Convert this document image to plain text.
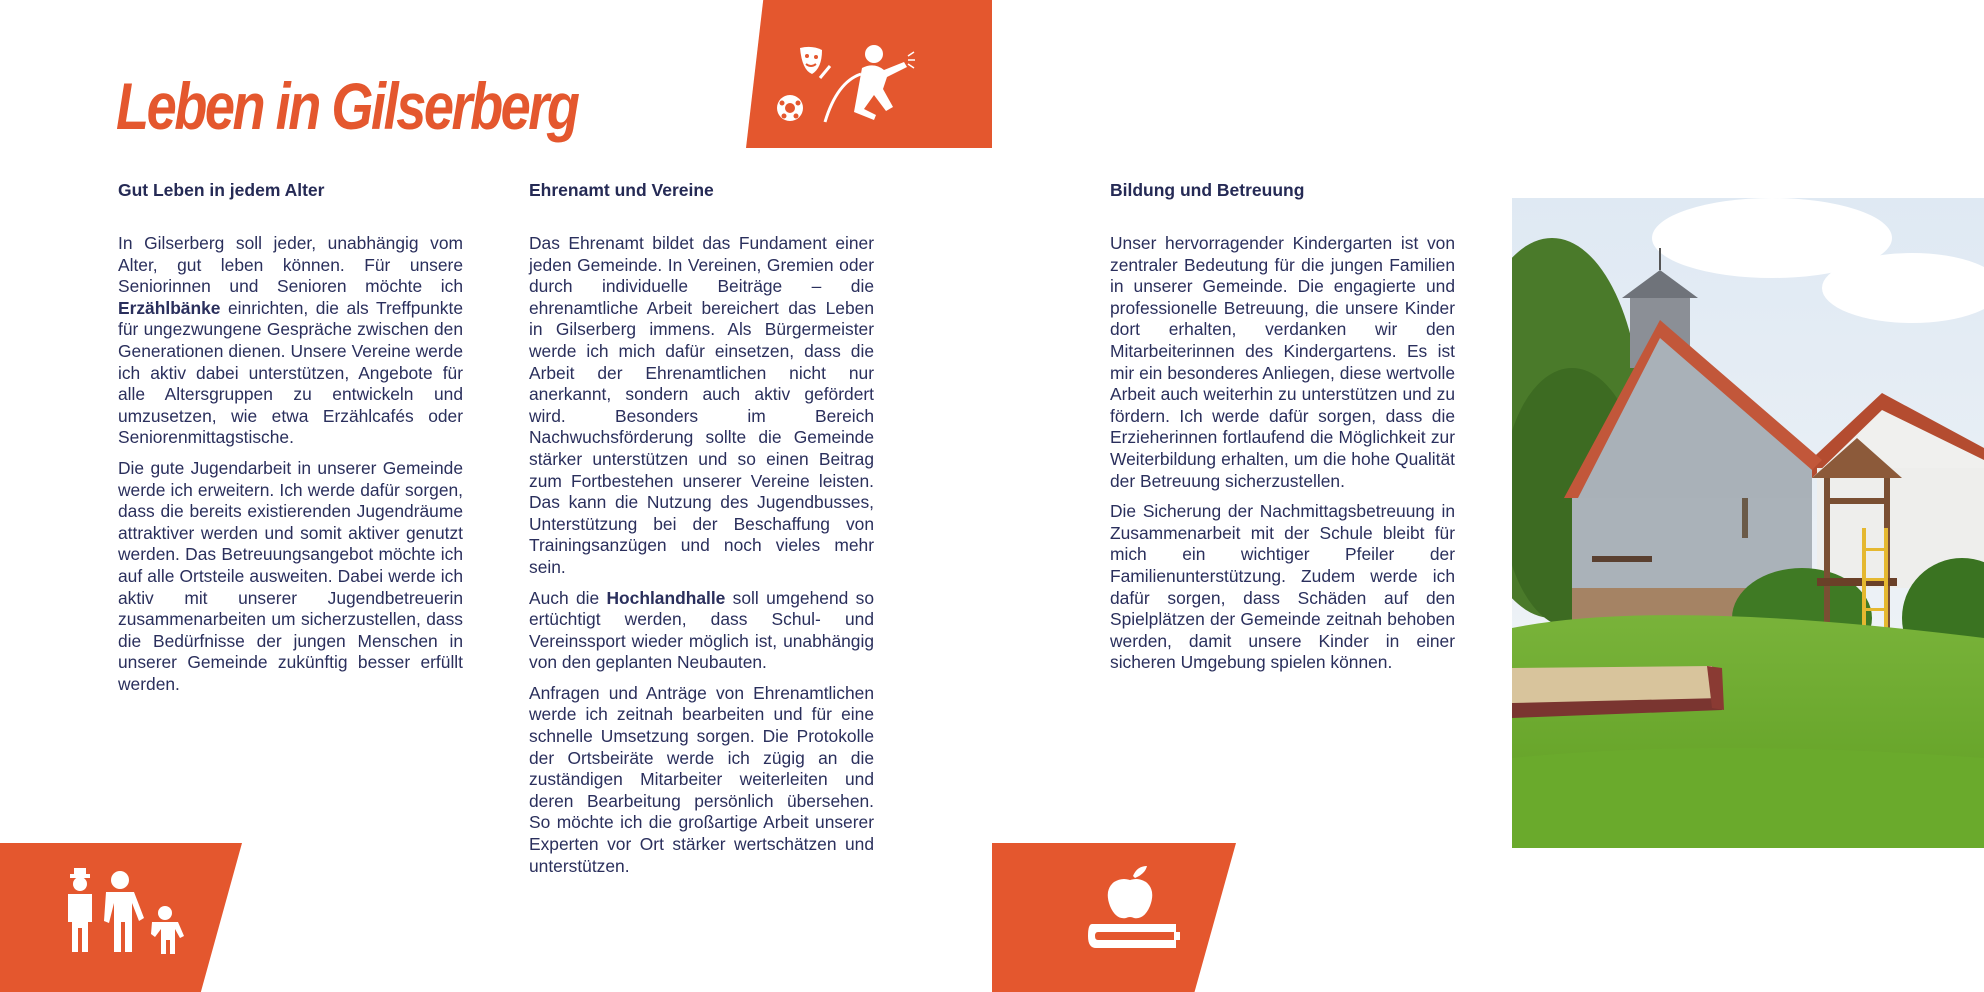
Leben in Gilserberg
Gut Leben in jedem Alter

In Gilserberg soll jeder, unabhängig vom Alter, gut leben können. Für unsere Seniorinnen und Senioren möchte ich Erzählbänke einrichten, die als Treffpunkte für ungezwungene Gespräche zwischen den Generationen dienen. Unsere Vereine werde ich aktiv dabei unterstützen, Angebote für alle Altersgruppen zu entwickeln und umzusetzen, wie etwa Erzählcafés oder Seniorenmittagstische.

Die gute Jugendarbeit in unserer Gemeinde werde ich erweitern. Ich werde dafür sorgen, dass die bereits existierenden Jugendräume attraktiver werden und somit aktiver genutzt werden. Das Betreuungsangebot möchte ich auf alle Ortsteile ausweiten. Dabei werde ich aktiv mit unserer Jugendbetreuerin zusammenarbeiten um sicherzustellen, dass die Bedürfnisse der jungen Menschen in unserer Gemeinde zukünftig besser erfüllt werden.

Ehrenamt und Vereine

Das Ehrenamt bildet das Fundament einer jeden Gemeinde. In Vereinen, Gremien oder durch individuelle Beiträge – die ehrenamtliche Arbeit bereichert das Leben in Gilserberg immens. Als Bürgermeister werde ich mich dafür einsetzen, dass die Arbeit der Ehrenamtlichen nicht nur anerkannt, sondern auch aktiv gefördert wird. Besonders im Bereich Nachwuchsförderung sollte die Gemeinde stärker unterstützen und so einen Beitrag zum Fortbestehen unserer Vereine leisten. Das kann die Nutzung des Jugendbusses, Unterstützung bei der Beschaffung von Trainingsanzügen und noch vieles mehr sein.

Auch die Hochlandhalle soll umgehend so ertüchtigt werden, dass Schul- und Vereinssport wieder möglich ist, unabhängig von den geplanten Neubauten.

Anfragen und Anträge von Ehrenamtlichen werde ich zeitnah bearbeiten und für eine schnelle Umsetzung sorgen. Die Protokolle der Ortsbeiräte werde ich zügig an die zuständigen Mitarbeiter weiterleiten und deren Bearbeitung persönlich übersehen. So möchte ich die großartige Arbeit unserer Experten vor Ort stärker wertschätzen und unterstützen.

Bildung und Betreuung

Unser hervorragender Kindergarten ist von zentraler Bedeutung für die jungen Familien in unserer Gemeinde. Die engagierte und professionelle Betreuung, die unsere Kinder dort erhalten, verdanken wir den Mitarbeiterinnen des Kindergartens. Es ist mir ein besonderes Anliegen, diese wertvolle Arbeit auch weiterhin zu unterstützen und zu fördern. Ich werde dafür sorgen, dass die Erzieherinnen fortlaufend die Möglichkeit zur Weiterbildung erhalten, um die hohe Qualität der Betreuung sicherzustellen.

Die Sicherung der Nachmittagsbetreuung in Zusammenarbeit mit der Schule bleibt für mich ein wichtiger Pfeiler der Familienunterstützung. Zudem werde ich dafür sorgen, dass Schäden auf den Spielplätzen der Gemeinde zeitnah behoben werden, damit unsere Kinder in einer sicheren Umgebung spielen können.
